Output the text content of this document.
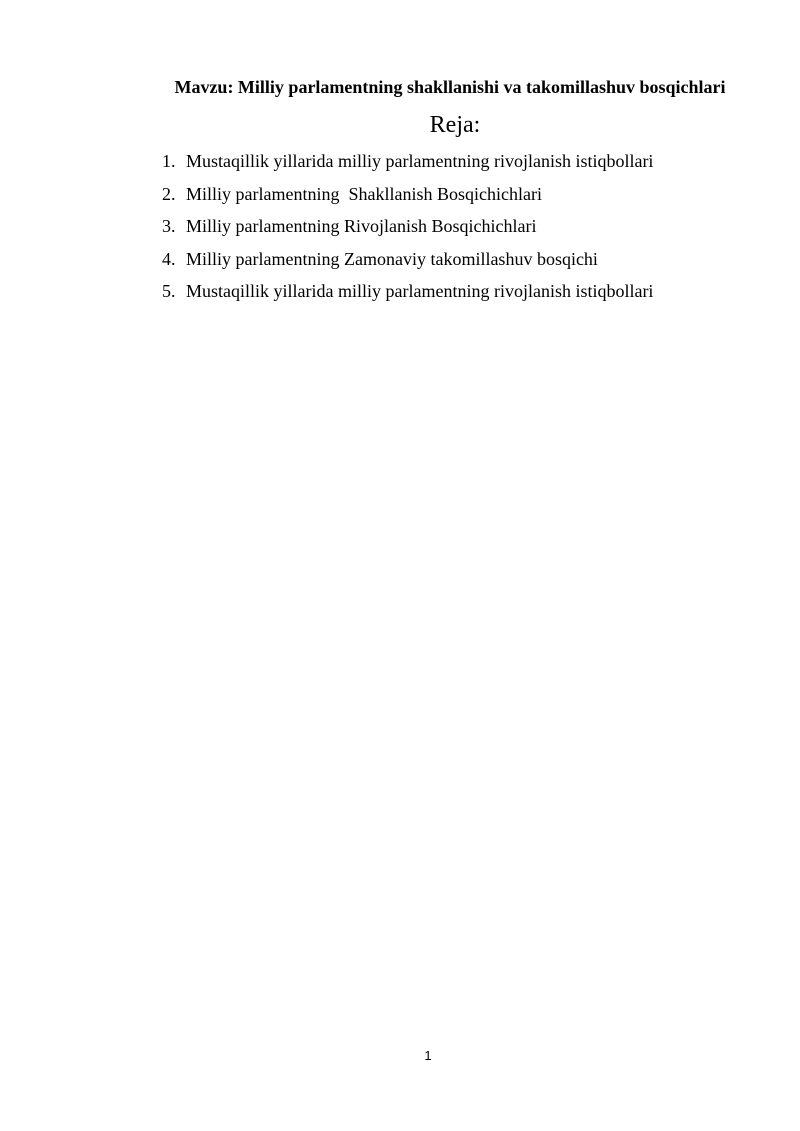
Mavzu: Milliy parlamentning shakllanishi va takomillashuv bosqichlari
Reja:
1. Mustaqillik yillarida milliy parlamentning rivojlanish istiqbollari
2. Milliy parlamentning  Shakllanish Bosqichichlari
3. Milliy parlamentning Rivojlanish Bosqichichlari
4. Milliy parlamentning Zamonaviy takomillashuv bosqichi
5. Mustaqillik yillarida milliy parlamentning rivojlanish istiqbollari
1
